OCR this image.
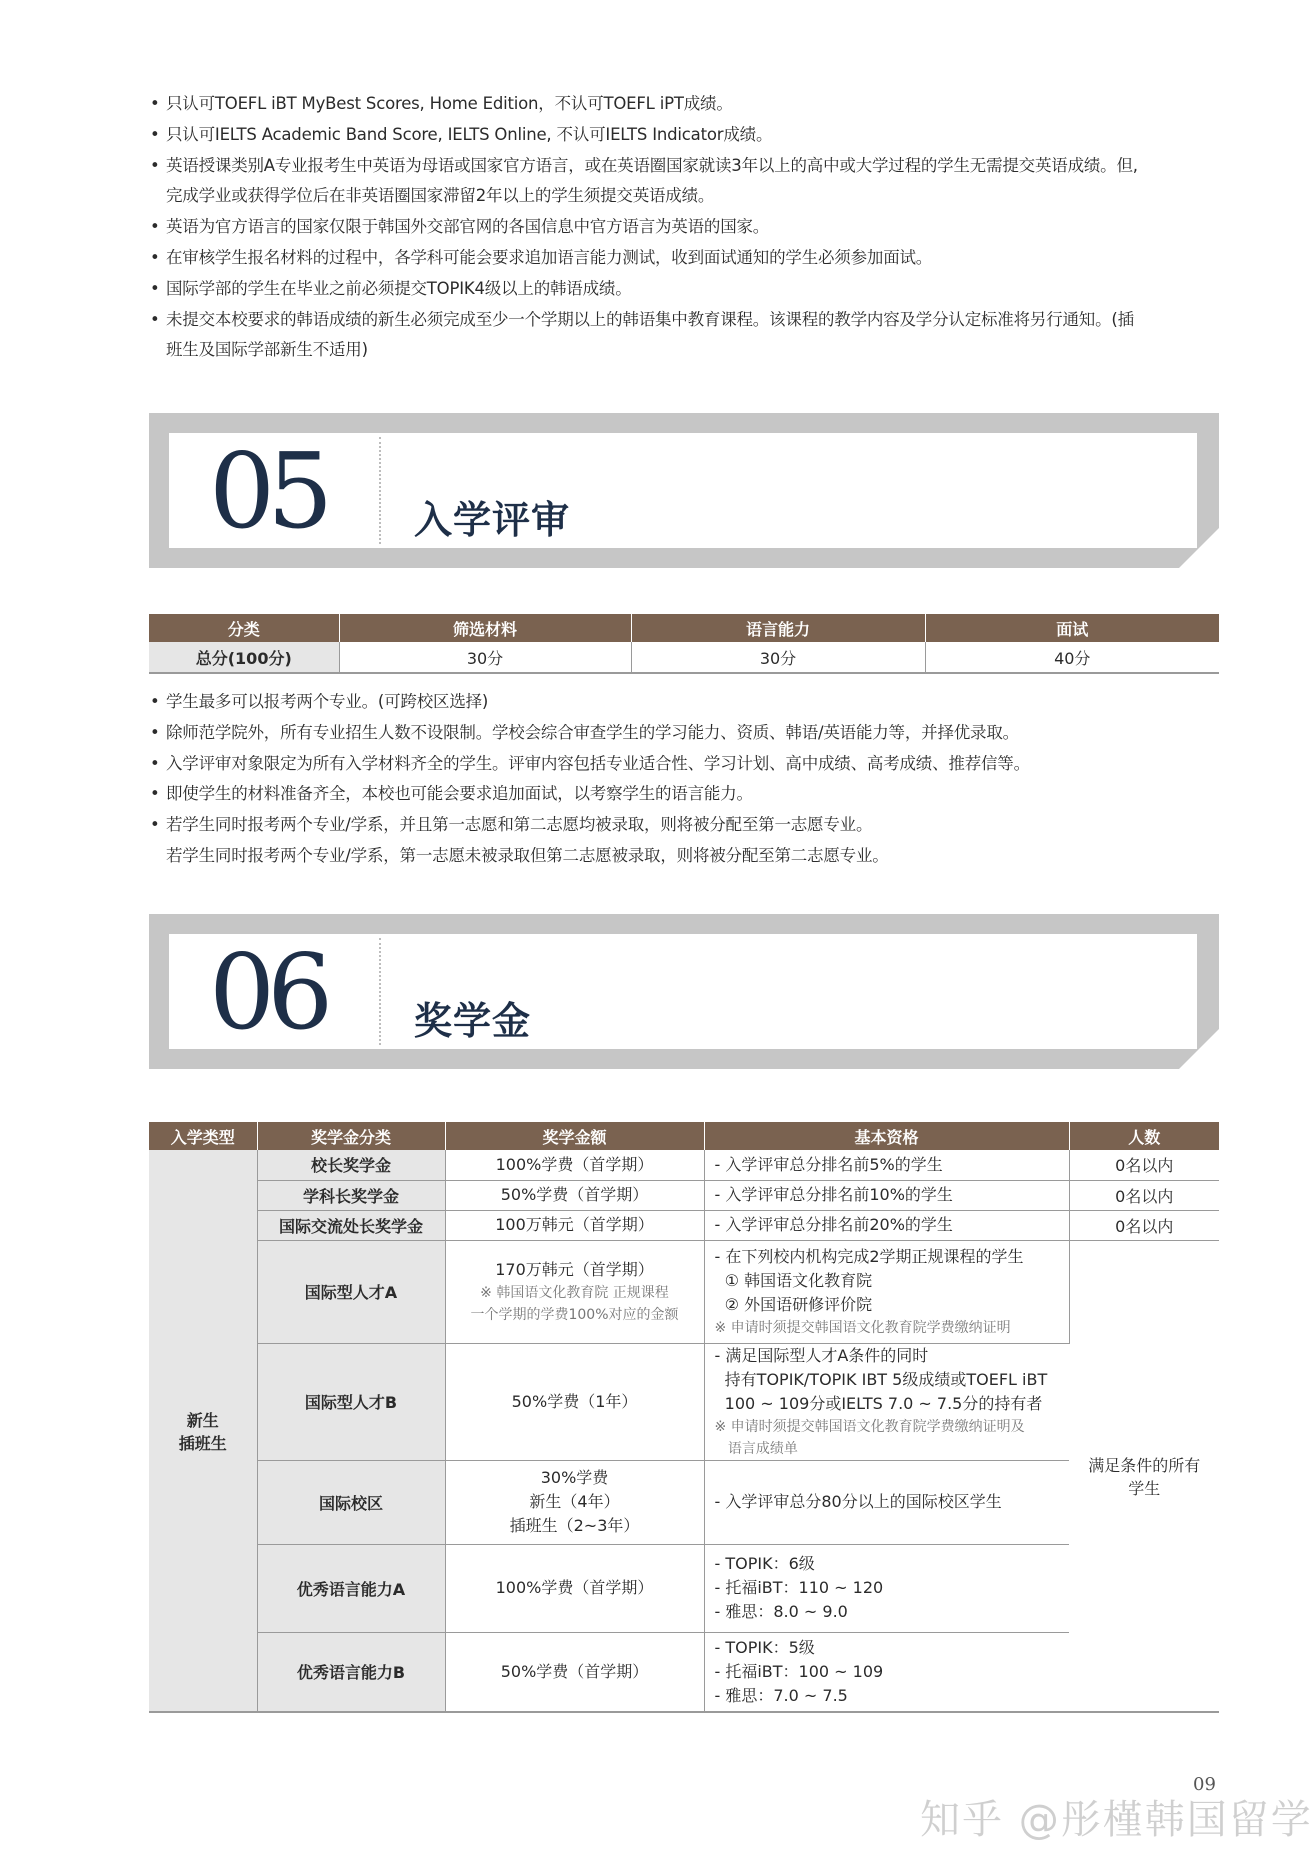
• 只认可TOEFL iBT MyBest Scores, Home Edition，不认可TOEFL iPT成绩。
• 只认可IELTS Academic Band Score, IELTS Online, 不认可IELTS Indicator成绩。
• 英语授课类别A专业报考生中英语为母语或国家官方语言，或在英语圈国家就读3年以上的高中或大学过程的学生无需提交英语成绩。但,
完成学业或获得学位后在非英语圈国家滞留2年以上的学生须提交英语成绩。
• 英语为官方语言的国家仅限于韩国外交部官网的各国信息中官方语言为英语的国家。
• 在审核学生报名材料的过程中，各学科可能会要求追加语言能力测试，收到面试通知的学生必须参加面试。
• 国际学部的学生在毕业之前必须提交TOPIK4级以上的韩语成绩。
• 未提交本校要求的韩语成绩的新生必须完成至少一个学期以上的韩语集中教育课程。该课程的教学内容及学分认定标准将另行通知。(插
班生及国际学部新生不适用)
05 入学评审
分类	筛选材料	语言能力	面试
总分(100分)	30分	30分	40分
• 学生最多可以报考两个专业。(可跨校区选择)
• 除师范学院外，所有专业招生人数不设限制。学校会综合审查学生的学习能力、资质、韩语/英语能力等，并择优录取。
• 入学评审对象限定为所有入学材料齐全的学生。评审内容包括专业适合性、学习计划、高中成绩、高考成绩、推荐信等。
• 即使学生的材料准备齐全，本校也可能会要求追加面试，以考察学生的语言能力。
• 若学生同时报考两个专业/学系，并且第一志愿和第二志愿均被录取，则将被分配至第一志愿专业。
若学生同时报考两个专业/学系，第一志愿未被录取但第二志愿被录取，则将被分配至第二志愿专业。
06 奖学金
入学类型	奖学金分类	奖学金额	基本资格	人数

新生
插班生	校长奖学金	100%学费（首学期）	- 入学评审总分排名前5%的学生	0名以内
	学科长奖学金	50%学费（首学期）	- 入学评审总分排名前10%的学生	0名以内
	国际交流处长奖学金	100万韩元（首学期）	- 入学评审总分排名前20%的学生	0名以内
	国际型人才A	170万韩元（首学期）
※ 韩国语文化教育院 正规课程
一个学期的学费100%对应的金额	- 在下列校内机构完成2学期正规课程的学生
① 韩国语文化教育院
② 外国语研修评价院
※ 申请时须提交韩国语文化教育院学费缴纳证明	满足条件的所有
学生

	国际型人才B	50%学费（1年）	- 满足国际型人才A条件的同时
持有TOPIK/TOPIK IBT 5级成绩或TOEFL iBT
100 ~ 109分或IELTS 7.0 ~ 7.5分的持有者
※ 申请时须提交韩国语文化教育院学费缴纳证明及
语言成绩单	

	国际校区	30%学费
新生（4年）
插班生（2~3年）	- 入学评审总分80分以上的国际校区学生	

	优秀语言能力A	100%学费（首学期）	- TOPIK：6级
- 托福iBT：110 ~ 120
- 雅思：8.0 ~ 9.0	

	优秀语言能力B	50%学费（首学期）	- TOPIK：5级
- 托福iBT：100 ~ 109
- 雅思：7.0 ~ 7.5	
09
知乎 @彤槿韩国留学
